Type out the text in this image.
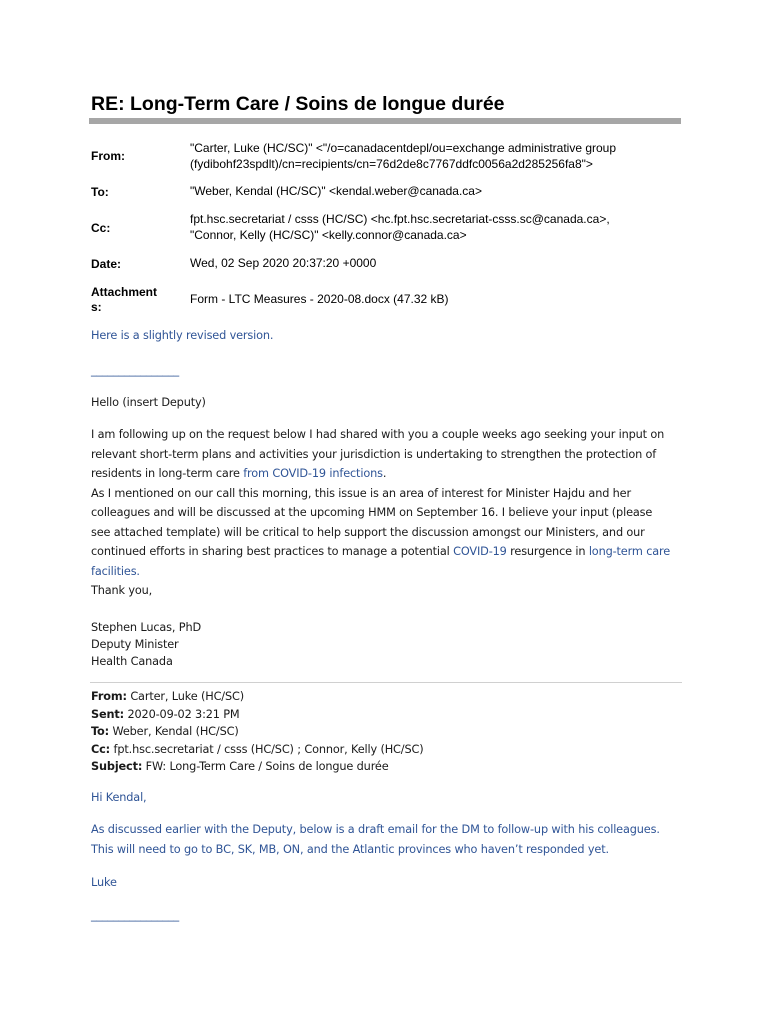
RE: Long-Term Care / Soins de longue durée
From:
"Carter, Luke (HC/SC)" <"/o=canadacentdepl/ou=exchange administrative group
(fydibohf23spdlt)/cn=recipients/cn=76d2de8c7767ddfc0056a2d285256fa8">
To:	"Weber, Kendal (HC/SC)" <kendal.weber@canada.ca>
Cc:
fpt.hsc.secretariat / csss (HC/SC) <hc.fpt.hsc.secretariat-csss.sc@canada.ca>,
"Connor, Kelly (HC/SC)" <kelly.connor@canada.ca>
Date:	Wed, 02 Sep 2020 20:37:20 +0000
Attachment
s:
Form - LTC Measures - 2020-08.docx (47.32 kB)
Here is a slightly revised version.
________________
Hello (insert Deputy)
I am following up on the request below I had shared with you a couple weeks ago seeking your input on
relevant short-term plans and activities your jurisdiction is undertaking to strengthen the protection of
residents in long-term care from COVID-19 infections.
As I mentioned on our call this morning, this issue is an area of interest for Minister Hajdu and her
colleagues and will be discussed at the upcoming HMM on September 16. I believe your input (please
see attached template) will be critical to help support the discussion amongst our Ministers, and our
continued efforts in sharing best practices to manage a potential COVID-19 resurgence in long-term care
facilities.
Thank you,
Stephen Lucas, PhD
Deputy Minister
Health Canada
From: Carter, Luke (HC/SC)
Sent: 2020-09-02 3:21 PM
To: Weber, Kendal (HC/SC)
Cc: fpt.hsc.secretariat / csss (HC/SC) ; Connor, Kelly (HC/SC)
Subject: FW: Long-Term Care / Soins de longue durée
Hi Kendal,
As discussed earlier with the Deputy, below is a draft email for the DM to follow-up with his colleagues.
This will need to go to BC, SK, MB, ON, and the Atlantic provinces who haven’t responded yet.
Luke
________________
